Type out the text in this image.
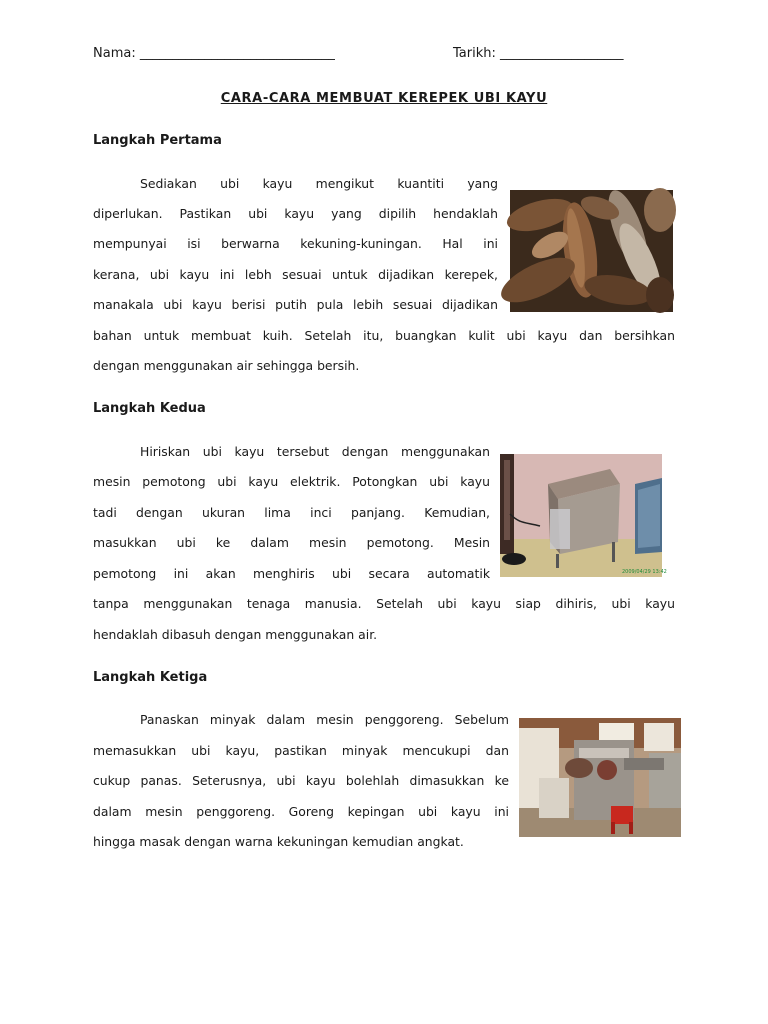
Nama: ______________________________	Tarikh: ___________________
CARA-CARA MEMBUAT KEREPEK UBI KAYU
Langkah Pertama
Langkah Kedua
2009/04/29 13:42
Langkah Ketiga
Sediakan ubi kayu mengikut kuantiti yang
diperlukan. Pastikan ubi kayu yang dipilih hendaklah
mempunyai isi berwarna kekuning-kuningan. Hal ini
kerana, ubi kayu ini lebh sesuai untuk dijadikan kerepek,
manakala ubi kayu berisi putih pula lebih sesuai dijadikan
bahan untuk membuat kuih. Setelah itu, buangkan kulit ubi kayu dan bersihkan
dengan menggunakan air sehingga bersih.
Hiriskan ubi kayu tersebut dengan menggunakan
mesin pemotong ubi kayu elektrik. Potongkan ubi kayu
tadi dengan ukuran lima inci panjang. Kemudian,
masukkan ubi ke dalam mesin pemotong. Mesin
pemotong ini akan menghiris ubi secara automatik
tanpa menggunakan tenaga manusia. Setelah ubi kayu siap dihiris, ubi kayu
hendaklah dibasuh dengan menggunakan air.
Panaskan minyak dalam mesin penggoreng. Sebelum
memasukkan ubi kayu, pastikan minyak mencukupi dan
cukup panas. Seterusnya, ubi kayu bolehlah dimasukkan ke
dalam mesin penggoreng. Goreng kepingan ubi kayu ini
hingga masak dengan warna kekuningan kemudian angkat.
